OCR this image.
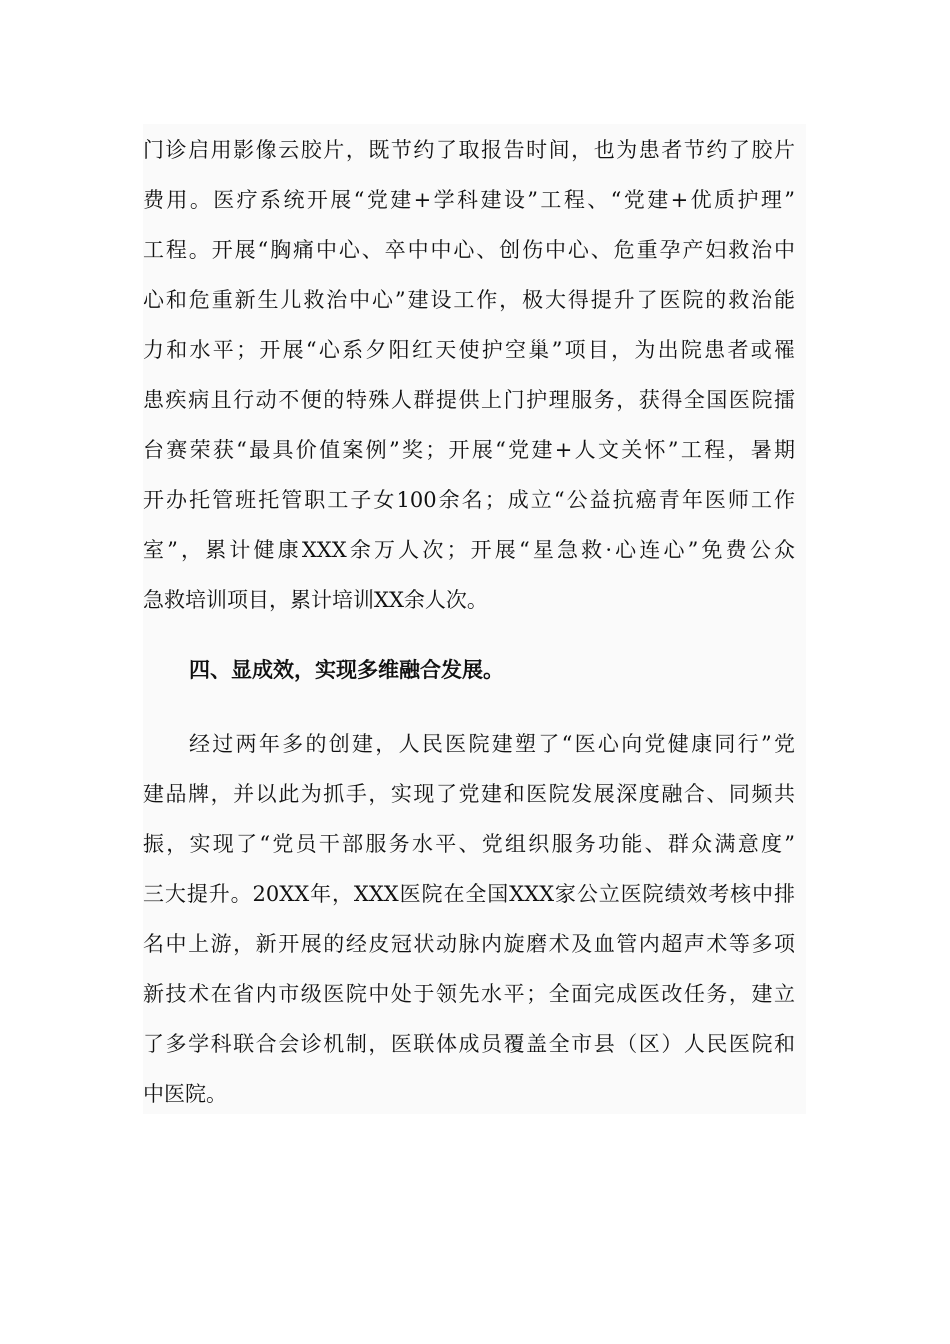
门诊启用影像云胶片，既节约了取报告时间，也为患者节约了胶片
费用。医疗系统开展“党建+学科建设”工程、“党建+优质护理”
工程。开展“胸痛中心、卒中中心、创伤中心、危重孕产妇救治中
心和危重新生儿救治中心”建设工作，极大得提升了医院的救治能
力和水平；开展“心系夕阳红天使护空巢”项目，为出院患者或罹
患疾病且行动不便的特殊人群提供上门护理服务，获得全国医院擂
台赛荣获“最具价值案例”奖；开展“党建+人文关怀”工程，暑期
开办托管班托管职工子女100余名；成立“公益抗癌青年医师工作
室”，累计健康XXX余万人次；开展“星急救·心连心”免费公众
急救培训项目，累计培训XX余人次。
四、显成效，实现多维融合发展。
经过两年多的创建，人民医院建塑了“医心向党健康同行”党
建品牌，并以此为抓手，实现了党建和医院发展深度融合、同频共
振，实现了“党员干部服务水平、党组织服务功能、群众满意度”
三大提升。20XX年，XXX医院在全国XXX家公立医院绩效考核中排
名中上游，新开展的经皮冠状动脉内旋磨术及血管内超声术等多项
新技术在省内市级医院中处于领先水平；全面完成医改任务，建立
了多学科联合会诊机制，医联体成员覆盖全市县（区）人民医院和
中医院。
